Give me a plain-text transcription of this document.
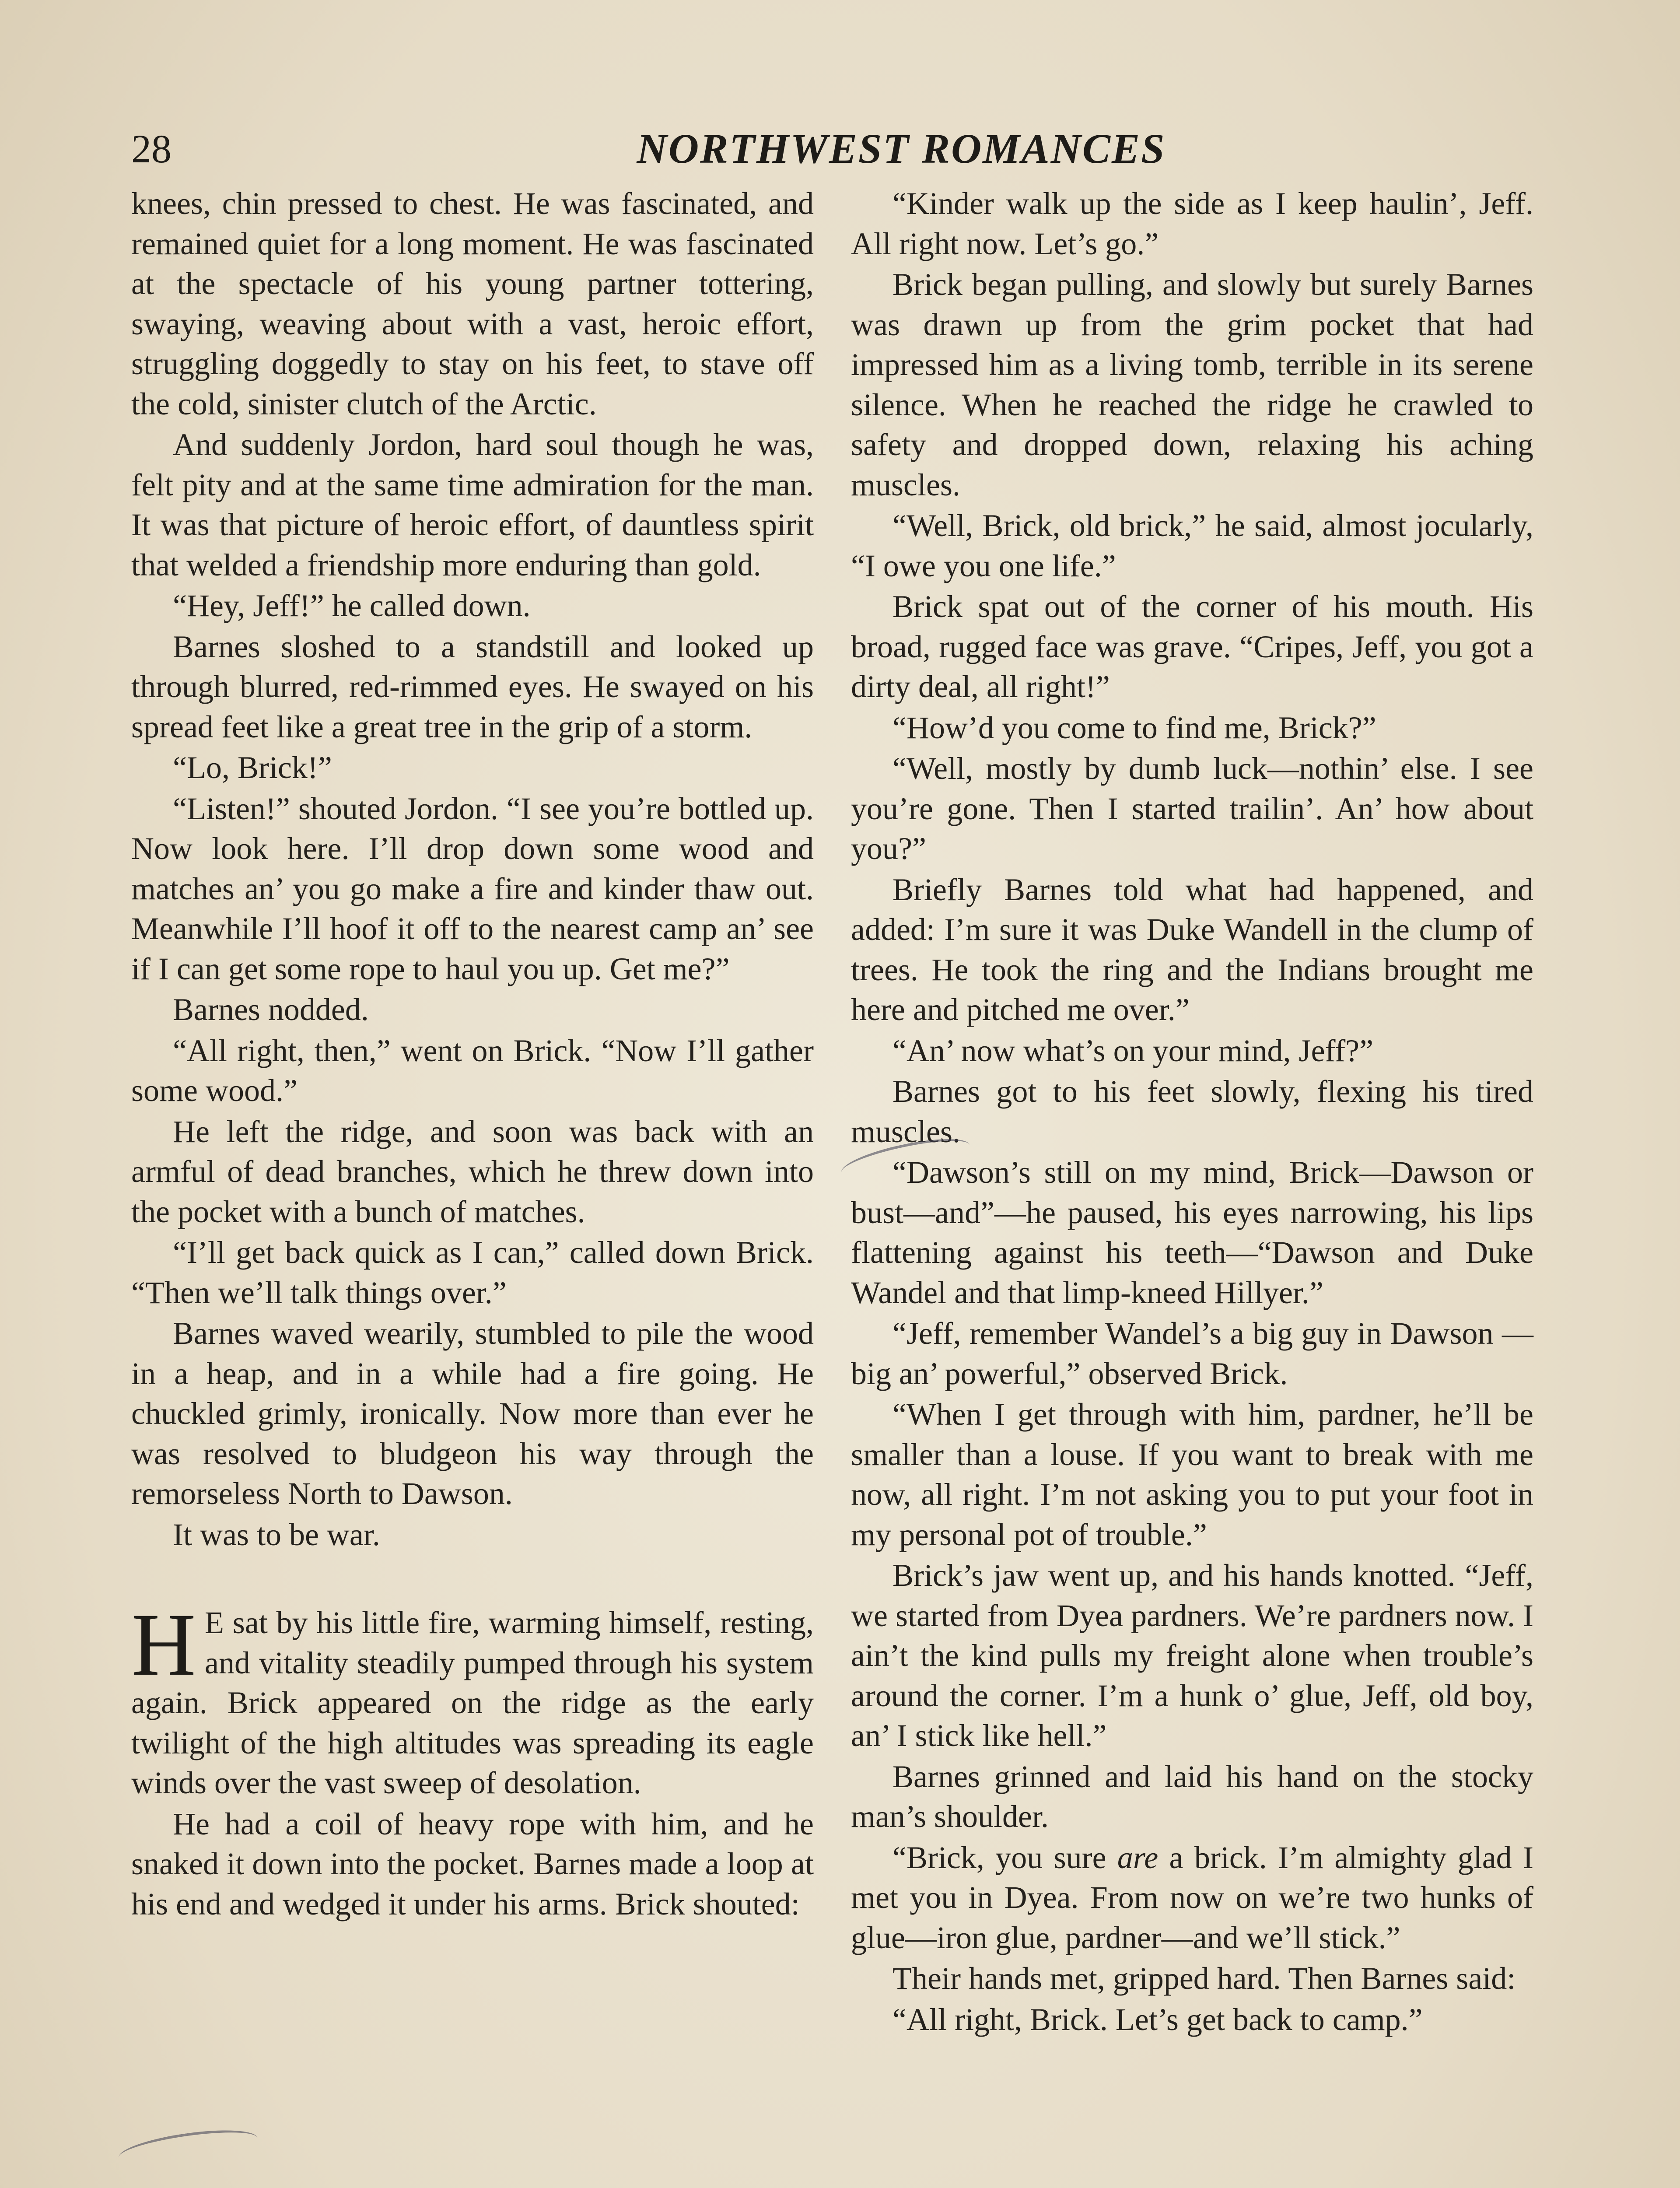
28	NORTHWEST ROMANCES

knees, chin pressed to chest. He was fascinated, and remained quiet for a long moment. He was fascinated at the spectacle of his young partner tottering, swaying, weaving about with a vast, heroic effort, struggling doggedly to stay on his feet, to stave off the cold, sinister clutch of the Arctic.

And suddenly Jordon, hard soul though he was, felt pity and at the same time admiration for the man. It was that picture of heroic effort, of dauntless spirit that welded a friendship more enduring than gold.

“Hey, Jeff!” he called down.

Barnes sloshed to a standstill and looked up through blurred, red-rimmed eyes. He swayed on his spread feet like a great tree in the grip of a storm.

“Lo, Brick!”

“Listen!” shouted Jordon. “I see you’re bottled up. Now look here. I’ll drop down some wood and matches an’ you go make a fire and kinder thaw out. Meanwhile I’ll hoof it off to the nearest camp an’ see if I can get some rope to haul you up. Get me?”

Barnes nodded.

“All right, then,” went on Brick. “Now I’ll gather some wood.”

He left the ridge, and soon was back with an armful of dead branches, which he threw down into the pocket with a bunch of matches.

“I’ll get back quick as I can,” called down Brick. “Then we’ll talk things over.”

Barnes waved wearily, stumbled to pile the wood in a heap, and in a while had a fire going. He chuckled grimly, ironically. Now more than ever he was resolved to bludgeon his way through the remorseless North to Dawson.

It was to be war.

H E sat by his little fire, warming himself, resting, and vitality steadily pumped through his system again. Brick appeared on the ridge as the early twilight of the high altitudes was spreading its eagle winds over the vast sweep of desolation.

He had a coil of heavy rope with him, and he snaked it down into the pocket. Barnes made a loop at his end and wedged it under his arms. Brick shouted:

“Kinder walk up the side as I keep haulin’, Jeff. All right now. Let’s go.”

Brick began pulling, and slowly but surely Barnes was drawn up from the grim pocket that had impressed him as a living tomb, terrible in its serene silence. When he reached the ridge he crawled to safety and dropped down, relaxing his aching muscles.

“Well, Brick, old brick,” he said, almost jocularly, “I owe you one life.”

Brick spat out of the corner of his mouth. His broad, rugged face was grave. “Cripes, Jeff, you got a dirty deal, all right!”

“How’d you come to find me, Brick?”

“Well, mostly by dumb luck—nothin’ else. I see you’re gone. Then I started trailin’. An’ how about you?”

Briefly Barnes told what had happened, and added: I’m sure it was Duke Wandell in the clump of trees. He took the ring and the Indians brought me here and pitched me over.”

“An’ now what’s on your mind, Jeff?”

Barnes got to his feet slowly, flexing his tired muscles.

“Dawson’s still on my mind, Brick—Dawson or bust—and”—he paused, his eyes narrowing, his lips flattening against his teeth—“Dawson and Duke Wandel and that limp-kneed Hillyer.”

“Jeff, remember Wandel’s a big guy in Dawson — big an’ powerful,” observed Brick.

“When I get through with him, pardner, he’ll be smaller than a louse. If you want to break with me now, all right. I’m not asking you to put your foot in my personal pot of trouble.”

Brick’s jaw went up, and his hands knotted. “Jeff, we started from Dyea pardners. We’re pardners now. I ain’t the kind pulls my freight alone when trouble’s around the corner. I’m a hunk o’ glue, Jeff, old boy, an’ I stick like hell.”

Barnes grinned and laid his hand on the stocky man’s shoulder.

“Brick, you sure are a brick. I’m almighty glad I met you in Dyea. From now on we’re two hunks of glue—iron glue, pardner—and we’ll stick.”

Their hands met, gripped hard. Then Barnes said:

“All right, Brick. Let’s get back to camp.”
